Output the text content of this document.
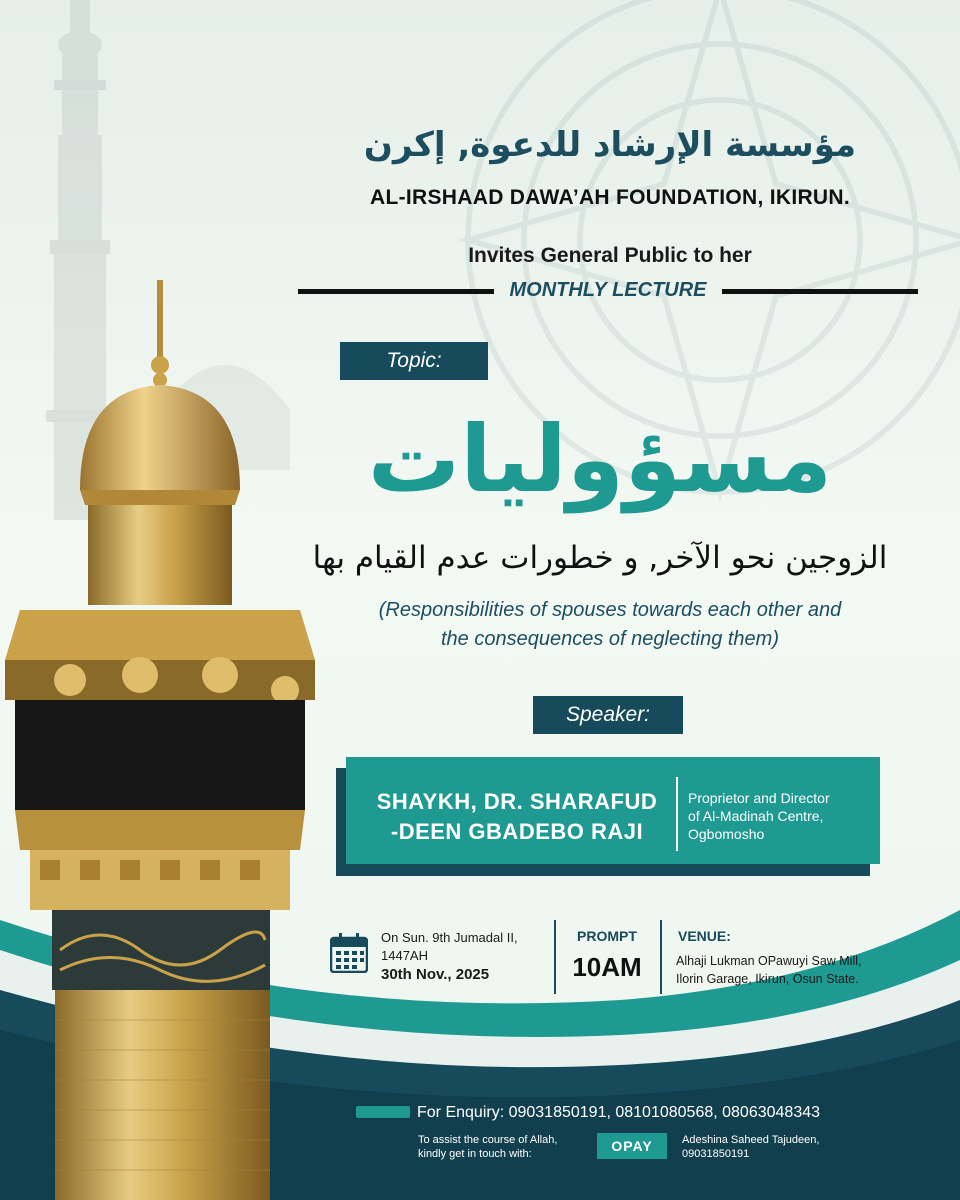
مؤسسة الإرشاد للدعوة, إكرن
AL-IRSHAAD DAWA’AH FOUNDATION, IKIRUN.
Invites General Public to her
MONTHLY LECTURE
Topic:
مسؤوليات
الزوجين نحو الآخر, و خطورات عدم القيام بها
(Responsibilities of spouses towards each other and
the consequences of neglecting them)
Speaker:
SHAYKH, DR. SHARAFUD
-DEEN GBADEBO RAJI
Proprietor and Director
of Al-Madinah Centre,
Ogbomosho
On Sun. 9th Jumadal II,
1447AH
30th Nov., 2025
PROMPT
10AM
VENUE:
Alhaji Lukman OPawuyi Saw Mill,
Ilorin Garage, Ikirun, Osun State.
For Enquiry: 09031850191, 08101080568, 08063048343
To assist the course of Allah,
kindly get in touch with:	OPAY	Adeshina Saheed Tajudeen,
09031850191
